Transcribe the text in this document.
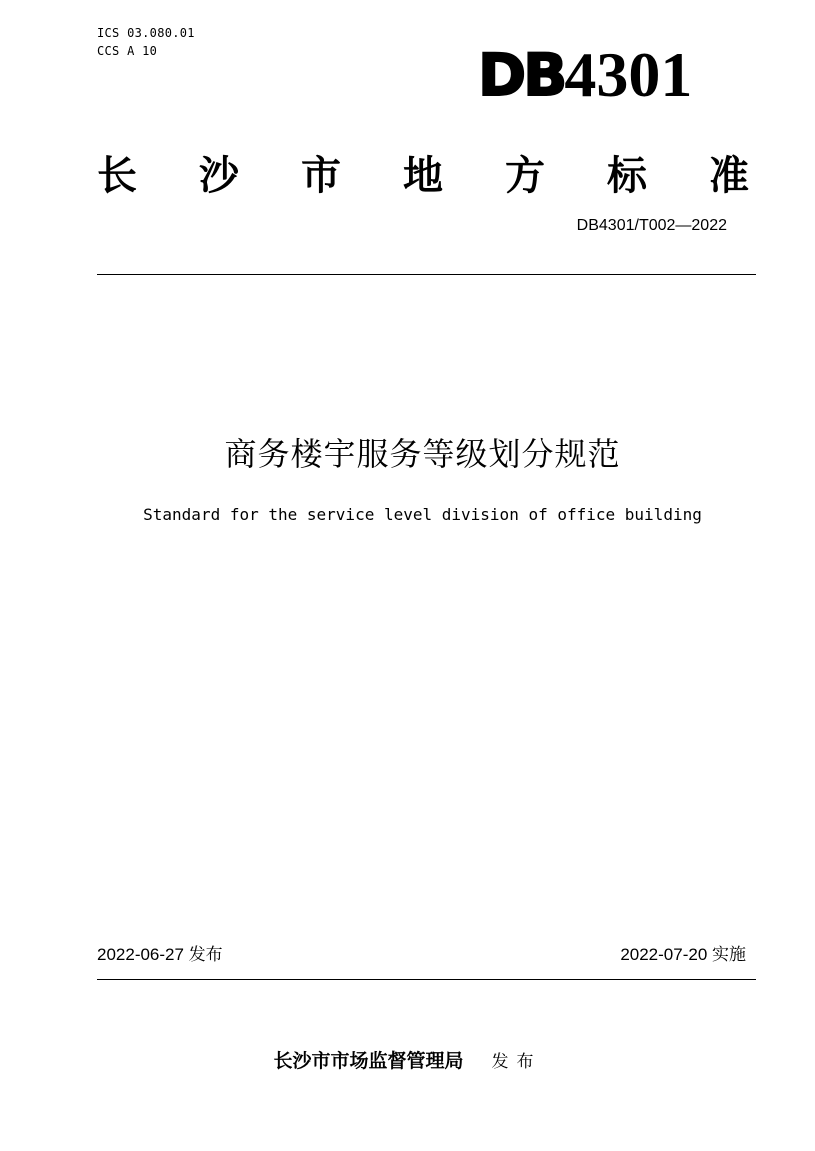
ICS 03.080.01
CCS A 10	DB 4301
长 沙 市 地 方 标 准
DB4301/T002—2022
商务楼宇服务等级划分规范
Standard for the service level division of office building
2022-06-27 发布	2022-07-20 实施
长沙市市场监督管理局 发布
